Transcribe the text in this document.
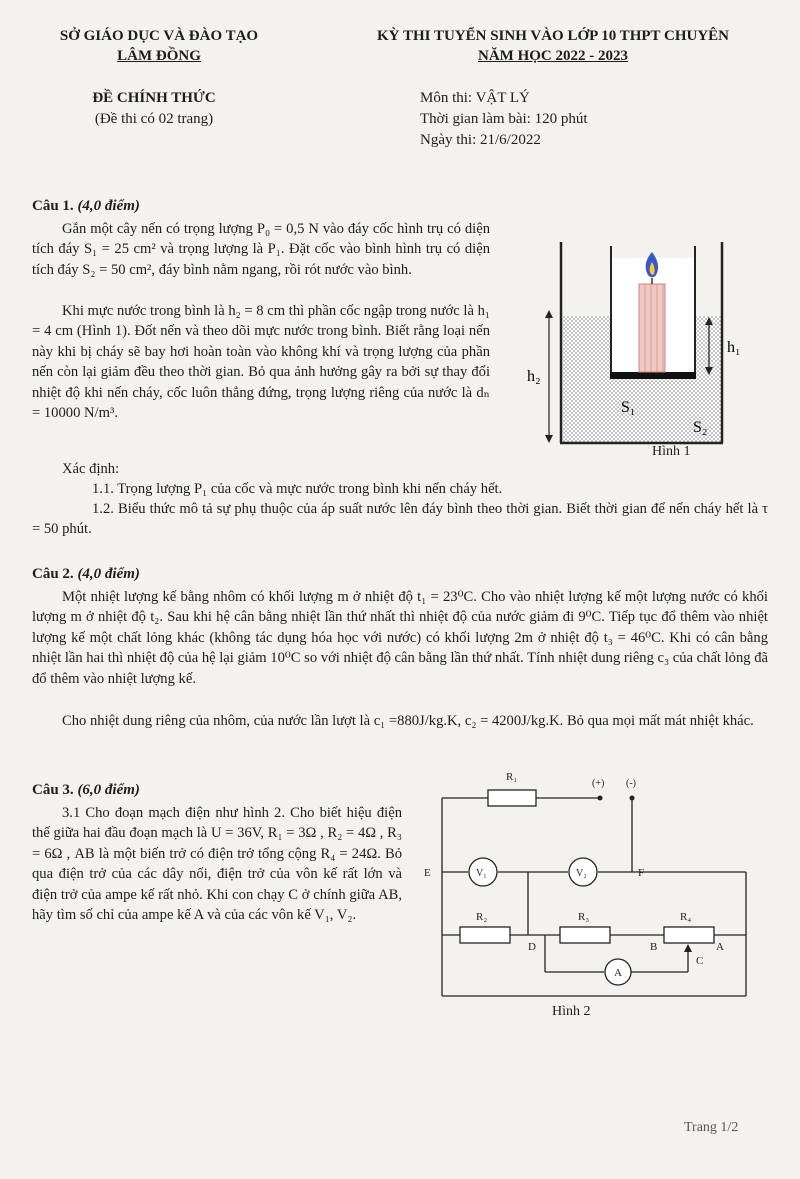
SỞ GIÁO DỤC VÀ ĐÀO TẠO
LÂM ĐỒNG
KỲ THI TUYỂN SINH VÀO LỚP 10 THPT CHUYÊN
NĂM HỌC 2022 - 2023
ĐỀ CHÍNH THỨC
(Đề thi có 02 trang)
Môn thi: VẬT LÝ
Thời gian làm bài: 120 phút
Ngày thi: 21/6/2022
Câu 1. (4,0 điểm)
Gắn một cây nến có trọng lượng P₀ = 0,5 N vào đáy cốc hình trụ có diện tích đáy S₁ = 25 cm² và trọng lượng là P₁. Đặt cốc vào bình hình trụ có diện tích đáy S₂ = 50 cm², đáy bình nằm ngang, rồi rót nước vào bình.
Khi mực nước trong bình là h₂ = 8 cm thì phần cốc ngập trong nước là h₁ = 4 cm (Hình 1). Đốt nến và theo dõi mực nước trong bình. Biết rằng loại nến này khi bị cháy sẽ bay hơi hoàn toàn vào không khí và trọng lượng của phần nến còn lại giảm đều theo thời gian. Bỏ qua ảnh hưởng gây ra bởi sự thay đổi nhiệt độ khi nến cháy, cốc luôn thẳng đứng, trọng lượng riêng của nước là dₙ = 10000 N/m³.
Xác định:
1.1. Trọng lượng P₁ của cốc và mực nước trong bình khi nến cháy hết.
1.2. Biểu thức mô tả sự phụ thuộc của áp suất nước lên đáy bình theo thời gian. Biết thời gian để nến cháy hết là τ = 50 phút.
h₂
h₁
S₁
S₂
Hình 1
Câu 2. (4,0 điểm)
Một nhiệt lượng kế bằng nhôm có khối lượng m ở nhiệt độ t₁ = 23⁰C. Cho vào nhiệt lượng kế một lượng nước có khối lượng m ở nhiệt độ t₂. Sau khi hệ cân bằng nhiệt lần thứ nhất thì nhiệt độ của nước giảm đi 9⁰C. Tiếp tục đổ thêm vào nhiệt lượng kế một chất lỏng khác (không tác dụng hóa học với nước) có khối lượng 2m ở nhiệt độ t₃ = 46⁰C. Khi có cân bằng nhiệt lần hai thì nhiệt độ của hệ lại giảm 10⁰C so với nhiệt độ cân bằng lần thứ nhất. Tính nhiệt dung riêng c₃ của chất lỏng đã đổ thêm vào nhiệt lượng kế.
Cho nhiệt dung riêng của nhôm, của nước lần lượt là c₁ =880J/kg.K, c₂ = 4200J/kg.K. Bỏ qua mọi mất mát nhiệt khác.
Câu 3. (6,0 điểm)
3.1 Cho đoạn mạch điện như hình 2. Cho biết hiệu điện thế giữa hai đầu đoạn mạch là U = 36V, R₁ = 3Ω , R₂ = 4Ω , R₃ = 6Ω , AB là một biến trở có điện trở tổng cộng R₄ = 24Ω. Bỏ qua điện trở của các dây nối, điện trở của vôn kế rất lớn và điện trở của ampe kế rất nhỏ. Khi con chạy C ở chính giữa AB, hãy tìm số chỉ của ampe kế A và của các vôn kế V₁, V₂.
(+) (-)
R₁
R₂	R₃	R₄
E	F
D	B	A
C
V₁	V₂
A
Hình 2
Trang 1/2
